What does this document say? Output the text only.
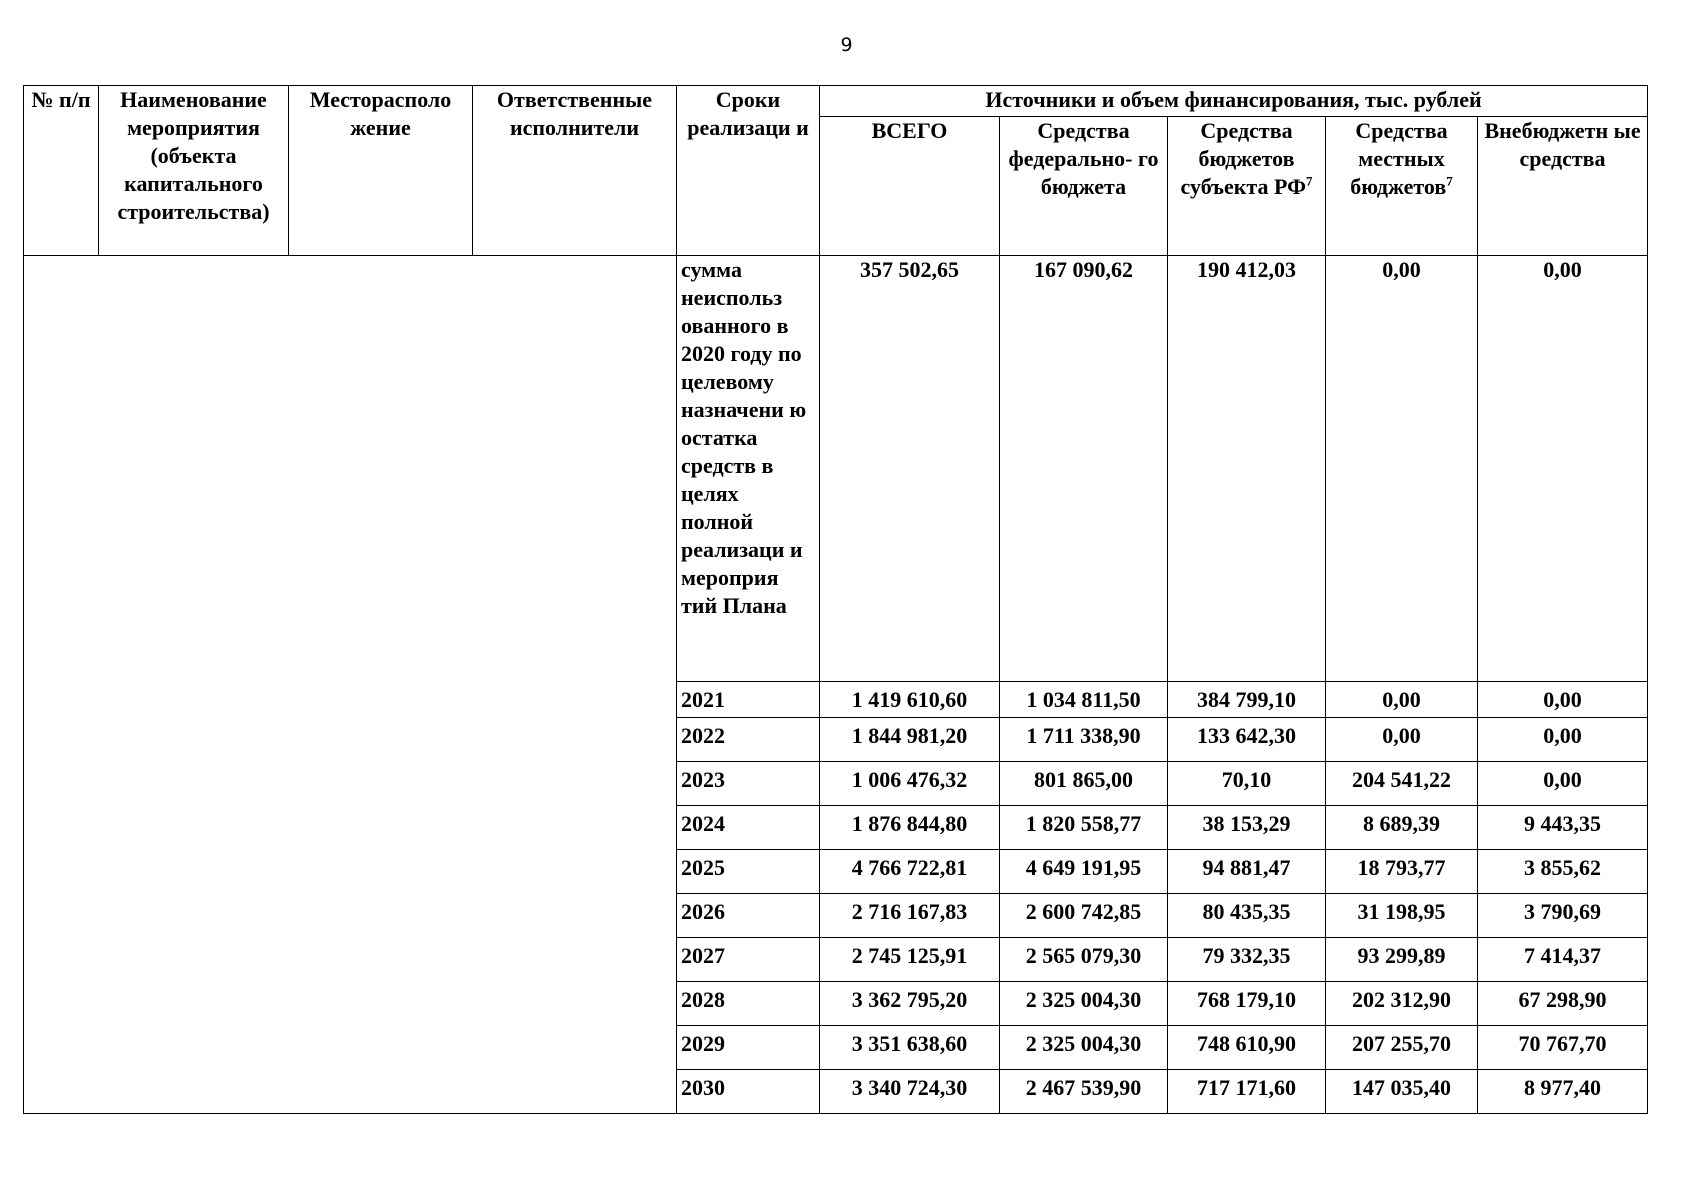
9
№ п/п	Наименование мероприятия (объекта капитального строительства)	Месторасполо жение	Ответственные исполнители	Сроки реализаци и	Источники и объем финансирования, тыс. рублей				
					ВСЕГО	Средства федерально- го бюджета	Средства бюджетов субъекта $РФ^7$	Средства местных бюджетов$^7$	Внебюджетн ые средства
				сумма неиспольз ованного в 2020 году по целевому назначени ю остатка средств в целях полной реализаци и мероприя тий Плана	357 502,65	167 090,62	190 412,03	0,00	0,00
				2021	1 419 610,60	1 034 811,50	384 799,10	0,00	0,00
				2022	1 844 981,20	1 711 338,90	133 642,30	0,00	0,00
				2023	1 006 476,32	801 865,00	70,10	204 541,22	0,00
				2024	1 876 844,80	1 820 558,77	38 153,29	8 689,39	9 443,35
				2025	4 766 722,81	4 649 191,95	94 881,47	18 793,77	3 855,62
				2026	2 716 167,83	2 600 742,85	80 435,35	31 198,95	3 790,69
				2027	2 745 125,91	2 565 079,30	79 332,35	93 299,89	7 414,37
				2028	3 362 795,20	2 325 004,30	768 179,10	202 312,90	67 298,90
				2029	3 351 638,60	2 325 004,30	748 610,90	207 255,70	70 767,70
				2030	3 340 724,30	2 467 539,90	717 171,60	147 035,40	8 977,40
